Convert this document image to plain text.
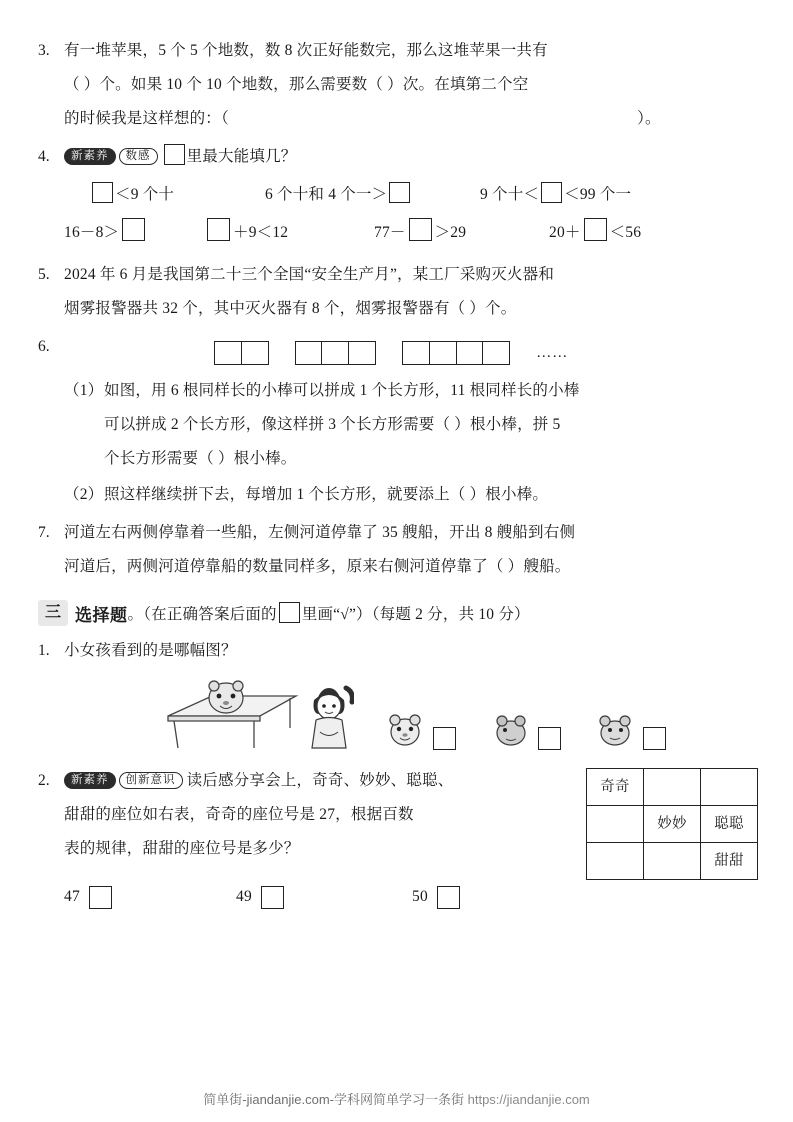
3. 有一堆苹果，5 个 5 个地数，数 8 次正好能数完，那么这堆苹果一共有
（ ）个。如果 10 个 10 个地数，那么需要数（ ）次。在填第二个空
的时候我是这样想的：（	）。
4.	新素养 数感 里最大能填几？
＜9 个十	6 个十和 4 个一＞	9 个十＜ ＜99 个一
16－8＞	＋9＜12	77－ ＞29	20＋ ＜56
5. 2024 年 6 月是我国第二十三个全国“安全生产月”，某工厂采购灭火器和
烟雾报警器共 32 个，其中灭火器有 8 个，烟雾报警器有（ ）个。
6.	……
（1） 如图，用 6 根同样长的小棒可以拼成 1 个长方形，11 根同样长的小棒
可以拼成 2 个长方形，像这样拼 3 个长方形需要（ ）根小棒，拼 5
个长方形需要（ ）根小棒。
（2） 照这样继续拼下去，每增加 1 个长方形，就要添上（ ）根小棒。
7. 河道左右两侧停靠着一些船，左侧河道停靠了 35 艘船，开出 8 艘船到右侧
河道后，两侧河道停靠船的数量同样多，原来右侧河道停靠了（ ）艘船。
三 选择题 。（在正确答案后面的 里画“√”）（每题 2 分，共 10 分）
1. 小女孩看到的是哪幅图？
2.	新素养 创新意识 读后感分享会上，奇奇、妙妙、聪聪、
甜甜的座位如右表，奇奇的座位号是 27，根据百数
表的规律，甜甜的座位号是多少？
奇奇		
	妙妙	聪聪
		甜甜
47	49	50
简单街-jiandanjie.com-学科网简单学习一条街 https://jiandanjie.com
